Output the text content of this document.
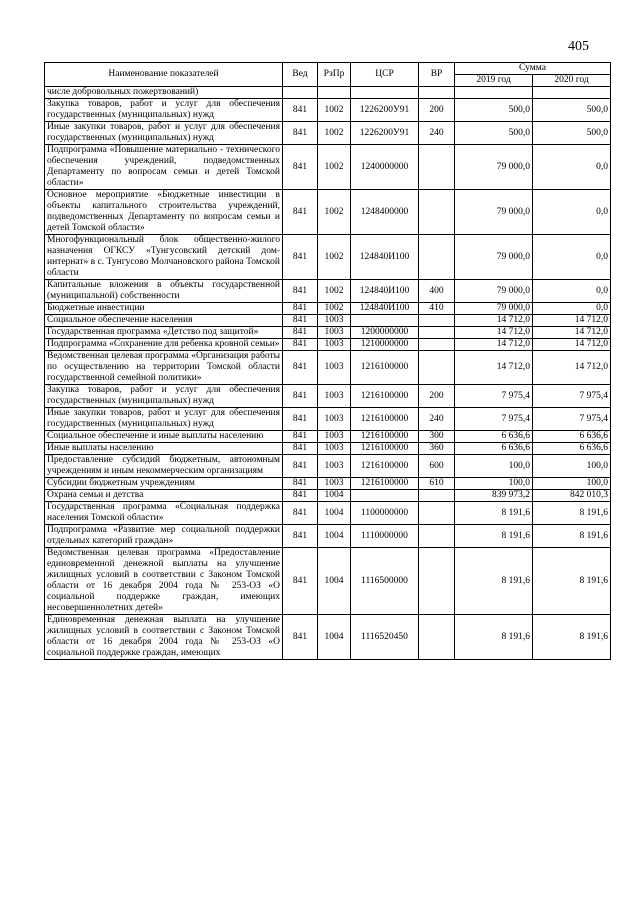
405
Наименование показателей	Вед	РзПр	ЦСР	ВР	Сумма	
					2019 год	2020 год
числе добровольных пожертвований)						
Закупка товаров, работ и услуг для обеспечения государственных (муниципальных) нужд	841	1002	1226200У91	200	500,0	500,0
Иные закупки товаров, работ и услуг для обеспечения государственных (муниципальных) нужд	841	1002	1226200У91	240	500,0	500,0
Подпрограмма «Повышение материально - технического обеспечения учреждений, подведомственных Департаменту по вопросам семьи и детей Томской области»	841	1002	1240000000		79 000,0	0,0
Основное мероприятие «Бюджетные инвестиции в объекты капитального строительства учреждений, подведомственных Департаменту по вопросам семьи и детей Томской области»	841	1002	1248400000		79 000,0	0,0
Многофункциональный блок общественно-жилого назначения ОГКСУ «Тунгусовский детский дом-интернат» в с. Тунгусово Молчановского района Томской области	841	1002	124840И100		79 000,0	0,0
Капитальные вложения в объекты государственной (муниципальной) собственности	841	1002	124840И100	400	79 000,0	0,0
Бюджетные инвестиции	841	1002	124840И100	410	79 000,0	0,0
Социальное обеспечение населения	841	1003			14 712,0	14 712,0
Государственная программа «Детство под защитой»	841	1003	1200000000		14 712,0	14 712,0
Подпрограмма «Сохранение для ребенка кровной семьи»	841	1003	1210000000		14 712,0	14 712,0
Ведомственная целевая программа «Организация работы по осуществлению на территории Томской области государственной семейной политики»	841	1003	1216100000		14 712,0	14 712,0
Закупка товаров, работ и услуг для обеспечения государственных (муниципальных) нужд	841	1003	1216100000	200	7 975,4	7 975,4
Иные закупки товаров, работ и услуг для обеспечения государственных (муниципальных) нужд	841	1003	1216100000	240	7 975,4	7 975,4
Социальное обеспечение и иные выплаты населению	841	1003	1216100000	300	6 636,6	6 636,6
Иные выплаты населению	841	1003	1216100000	360	6 636,6	6 636,6
Предоставление субсидий бюджетным, автономным учреждениям и иным некоммерческим организациям	841	1003	1216100000	600	100,0	100,0
Субсидии бюджетным учреждениям	841	1003	1216100000	610	100,0	100,0
Охрана семьи и детства	841	1004			839 973,2	842 010,3
Государственная программа «Социальная поддержка населения Томской области»	841	1004	1100000000		8 191,6	8 191,6
Подпрограмма «Развитие мер социальной поддержки отдельных категорий граждан»	841	1004	1110000000		8 191,6	8 191,6
Ведомственная целевая программа «Предоставление единовременной денежной выплаты на улучшение жилищных условий в соответствии с Законом Томской области от 16 декабря 2004 года № 253-ОЗ «О социальной поддержке граждан, имеющих несовершеннолетних детей»	841	1004	1116500000		8 191,6	8 191,6
Единовременная денежная выплата на улучшение жилищных условий в соответствии с Законом Томской области от 16 декабря 2004 года № 253-ОЗ «О социальной поддержке граждан, имеющих	841	1004	1116520450		8 191,6	8 191,6
